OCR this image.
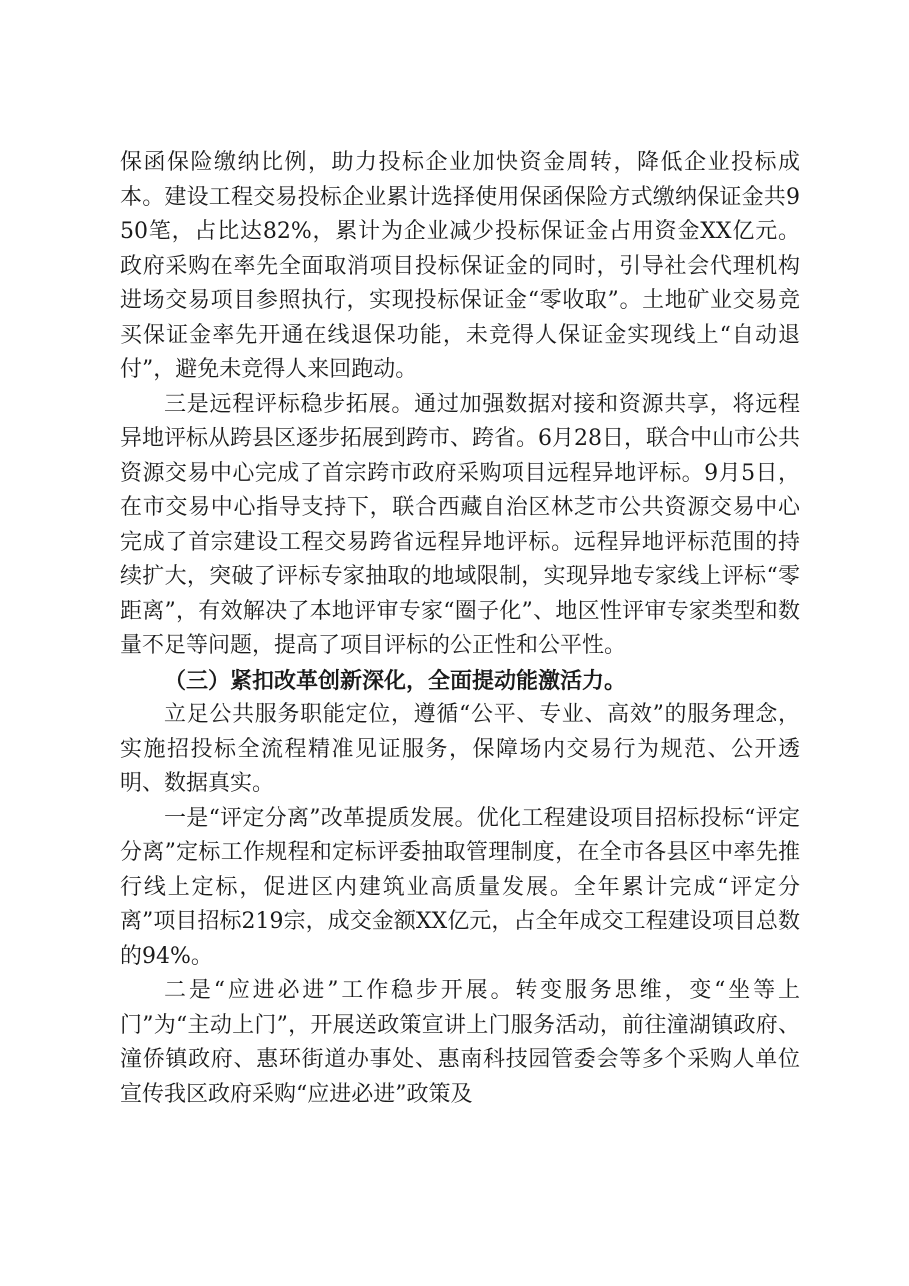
保函保险缴纳比例，助力投标企业加快资金周转，降低企业投标成本。建设工程交易投标企业累计选择使用保函保险方式缴纳保证金共950笔，占比达82%，累计为企业减少投标保证金占用资金XX亿元。政府采购在率先全面取消项目投标保证金的同时，引导社会代理机构进场交易项目参照执行，实现投标保证金“零收取”。土地矿业交易竞买保证金率先开通在线退保功能，未竞得人保证金实现线上“自动退付”，避免未竞得人来回跑动。

三是远程评标稳步拓展。通过加强数据对接和资源共享，将远程异地评标从跨县区逐步拓展到跨市、跨省。6月28日，联合中山市公共资源交易中心完成了首宗跨市政府采购项目远程异地评标。9月5日，在市交易中心指导支持下，联合西藏自治区林芝市公共资源交易中心完成了首宗建设工程交易跨省远程异地评标。远程异地评标范围的持续扩大，突破了评标专家抽取的地域限制，实现异地专家线上评标“零距离”，有效解决了本地评审专家“圈子化”、地区性评审专家类型和数量不足等问题，提高了项目评标的公正性和公平性。

（三）紧扣改革创新深化，全面提动能激活力。

立足公共服务职能定位，遵循“公平、专业、高效”的服务理念，实施招投标全流程精准见证服务，保障场内交易行为规范、公开透明、数据真实。

一是“评定分离”改革提质发展。优化工程建设项目招标投标“评定分离”定标工作规程和定标评委抽取管理制度，在全市各县区中率先推行线上定标，促进区内建筑业高质量发展。全年累计完成“评定分离”项目招标219宗，成交金额XX亿元，占全年成交工程建设项目总数的94%。

二是“应进必进”工作稳步开展。转变服务思维，变“坐等上门”为“主动上门”，开展送政策宣讲上门服务活动，前往潼湖镇政府、潼侨镇政府、惠环街道办事处、惠南科技园管委会等多个采购人单位宣传我区政府采购“应进必进”政策及
